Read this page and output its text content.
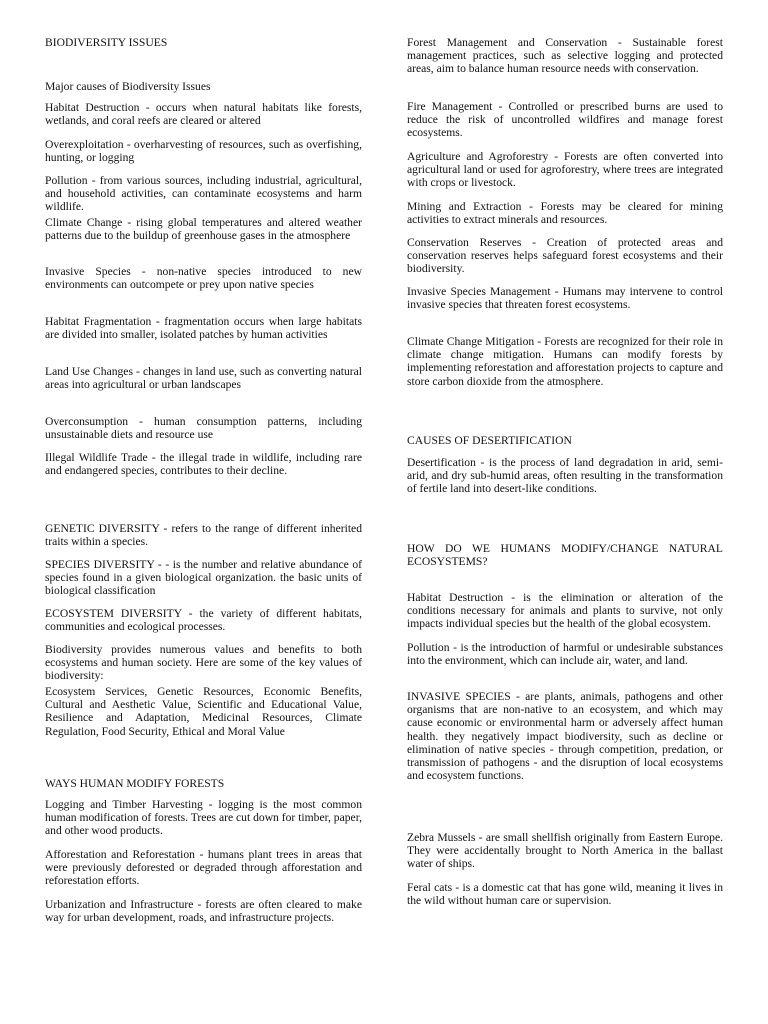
BIODIVERSITY ISSUES

Major causes of Biodiversity Issues

Habitat Destruction - occurs when natural habitats like forests, wetlands, and coral reefs are cleared or altered

Overexploitation - overharvesting of resources, such as overfishing, hunting, or logging

Pollution - from various sources, including industrial, agricultural, and household activities, can contaminate ecosystems and harm wildlife.

Climate Change - rising global temperatures and altered weather patterns due to the buildup of greenhouse gases in the atmosphere

Invasive Species - non-native species introduced to new environments can outcompete or prey upon native species

Habitat Fragmentation - fragmentation occurs when large habitats are divided into smaller, isolated patches by human activities

Land Use Changes - changes in land use, such as converting natural areas into agricultural or urban landscapes

Overconsumption - human consumption patterns, including unsustainable diets and resource use

Illegal Wildlife Trade - the illegal trade in wildlife, including rare and endangered species, contributes to their decline.

GENETIC DIVERSITY - refers to the range of different inherited traits within a species.

SPECIES DIVERSITY - - is the number and relative abundance of species found in a given biological organization. the basic units of biological classification

ECOSYSTEM DIVERSITY - the variety of different habitats, communities and ecological processes.

Biodiversity provides numerous values and benefits to both ecosystems and human society. Here are some of the key values of biodiversity:

Ecosystem Services, Genetic Resources, Economic Benefits, Cultural and Aesthetic Value, Scientific and Educational Value, Resilience and Adaptation, Medicinal Resources, Climate Regulation, Food Security, Ethical and Moral Value

WAYS HUMAN MODIFY FORESTS

Logging and Timber Harvesting - logging is the most common human modification of forests. Trees are cut down for timber, paper, and other wood products.

Afforestation and Reforestation - humans plant trees in areas that were previously deforested or degraded through afforestation and reforestation efforts.

Urbanization and Infrastructure - forests are often cleared to make way for urban development, roads, and infrastructure projects.

Forest Management and Conservation - Sustainable forest management practices, such as selective logging and protected areas, aim to balance human resource needs with conservation.

Fire Management - Controlled or prescribed burns are used to reduce the risk of uncontrolled wildfires and manage forest ecosystems.

Agriculture and Agroforestry - Forests are often converted into agricultural land or used for agroforestry, where trees are integrated with crops or livestock.

Mining and Extraction - Forests may be cleared for mining activities to extract minerals and resources.

Conservation Reserves - Creation of protected areas and conservation reserves helps safeguard forest ecosystems and their biodiversity.

Invasive Species Management - Humans may intervene to control invasive species that threaten forest ecosystems.

Climate Change Mitigation - Forests are recognized for their role in climate change mitigation. Humans can modify forests by implementing reforestation and afforestation projects to capture and store carbon dioxide from the atmosphere.

CAUSES OF DESERTIFICATION

Desertification - is the process of land degradation in arid, semi-arid, and dry sub-humid areas, often resulting in the transformation of fertile land into desert-like conditions.

HOW DO WE HUMANS MODIFY/CHANGE NATURAL ECOSYSTEMS?

Habitat Destruction - is the elimination or alteration of the conditions necessary for animals and plants to survive, not only impacts individual species but the health of the global ecosystem.

Pollution - is the introduction of harmful or undesirable substances into the environment, which can include air, water, and land.

INVASIVE SPECIES - are plants, animals, pathogens and other organisms that are non-native to an ecosystem, and which may cause economic or environmental harm or adversely affect human health. they negatively impact biodiversity, such as decline or elimination of native species - through competition, predation, or transmission of pathogens - and the disruption of local ecosystems and ecosystem functions.

Zebra Mussels - are small shellfish originally from Eastern Europe. They were accidentally brought to North America in the ballast water of ships.

Feral cats - is a domestic cat that has gone wild, meaning it lives in the wild without human care or supervision.
